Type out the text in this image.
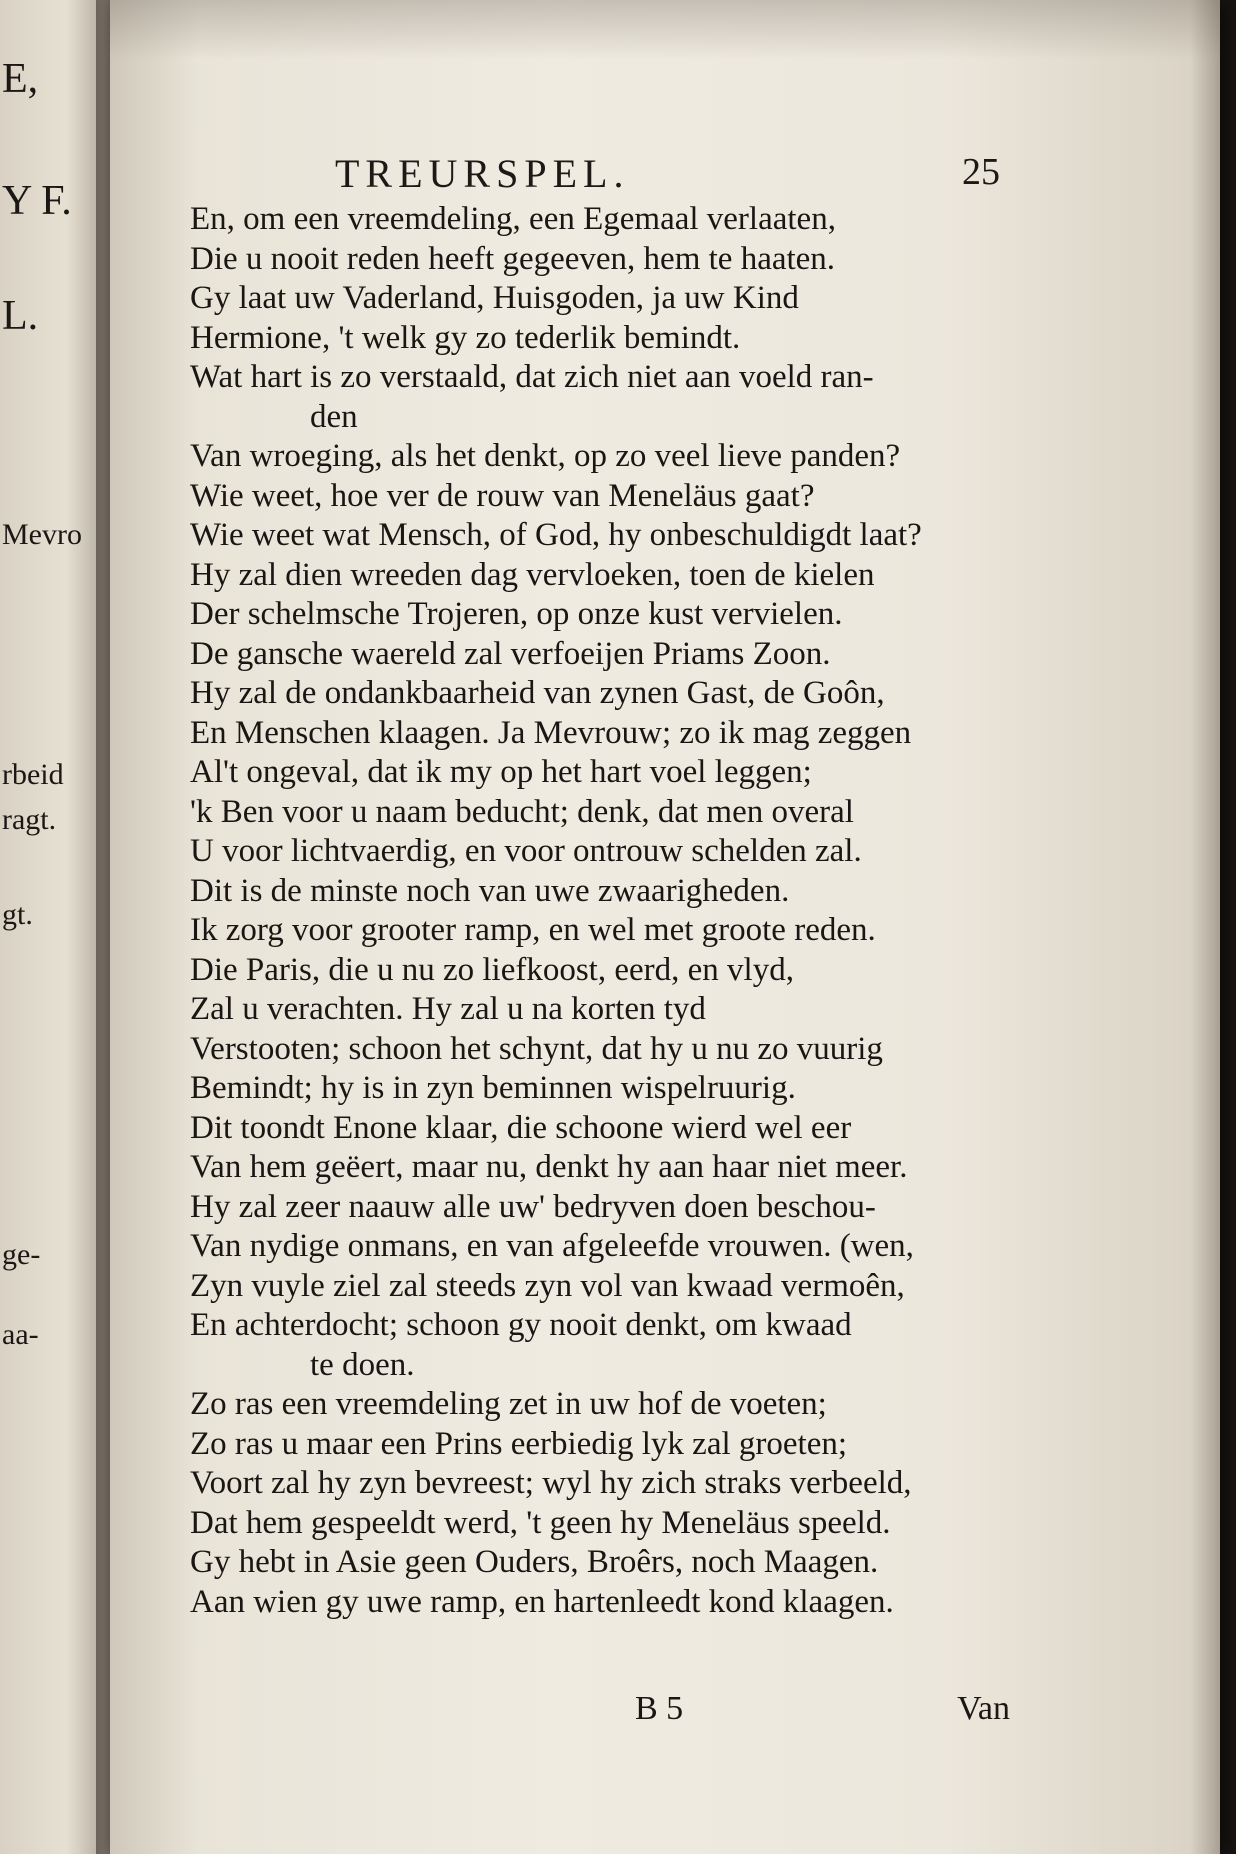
E,
Y F.
L.
Mevro
rbeid
ragt.
gt.
ge-
aa-
TREURSPEL.	25
En, om een vreemdeling, een Egemaal verlaaten,
Die u nooit reden heeft gegeeven, hem te haaten.
Gy laat uw Vaderland, Huisgoden, ja uw Kind
Hermione, 't welk gy zo tederlik bemindt.
Wat hart is zo verstaald, dat zich niet aan voeld ran-
den
Van wroeging, als het denkt, op zo veel lieve panden?
Wie weet, hoe ver de rouw van Meneläus gaat?
Wie weet wat Mensch, of God, hy onbeschuldigdt laat?
Hy zal dien wreeden dag vervloeken, toen de kielen
Der schelmsche Trojeren, op onze kust vervielen.
De gansche waereld zal verfoeijen Priams Zoon.
Hy zal de ondankbaarheid van zynen Gast, de Goôn,
En Menschen klaagen. Ja Mevrouw; zo ik mag zeggen
Al't ongeval, dat ik my op het hart voel leggen;
'k Ben voor u naam beducht; denk, dat men overal
U voor lichtvaerdig, en voor ontrouw schelden zal.
Dit is de minste noch van uwe zwaarigheden.
Ik zorg voor grooter ramp, en wel met groote reden.
Die Paris, die u nu zo liefkoost, eerd, en vlyd,
Zal u verachten. Hy zal u na korten tyd
Verstooten; schoon het schynt, dat hy u nu zo vuurig
Bemindt; hy is in zyn beminnen wispelruurig.
Dit toondt Enone klaar, die schoone wierd wel eer
Van hem geëert, maar nu, denkt hy aan haar niet meer.
Hy zal zeer naauw alle uw' bedryven doen beschou-
Van nydige onmans, en van afgeleefde vrouwen. (wen,
Zyn vuyle ziel zal steeds zyn vol van kwaad vermoên,
En achterdocht; schoon gy nooit denkt, om kwaad
te doen.
Zo ras een vreemdeling zet in uw hof de voeten;
Zo ras u maar een Prins eerbiedig lyk zal groeten;
Voort zal hy zyn bevreest; wyl hy zich straks verbeeld,
Dat hem gespeeldt werd, 't geen hy Meneläus speeld.
Gy hebt in Asie geen Ouders, Broêrs, noch Maagen.
Aan wien gy uwe ramp, en hartenleedt kond klaagen.
B 5	Van
